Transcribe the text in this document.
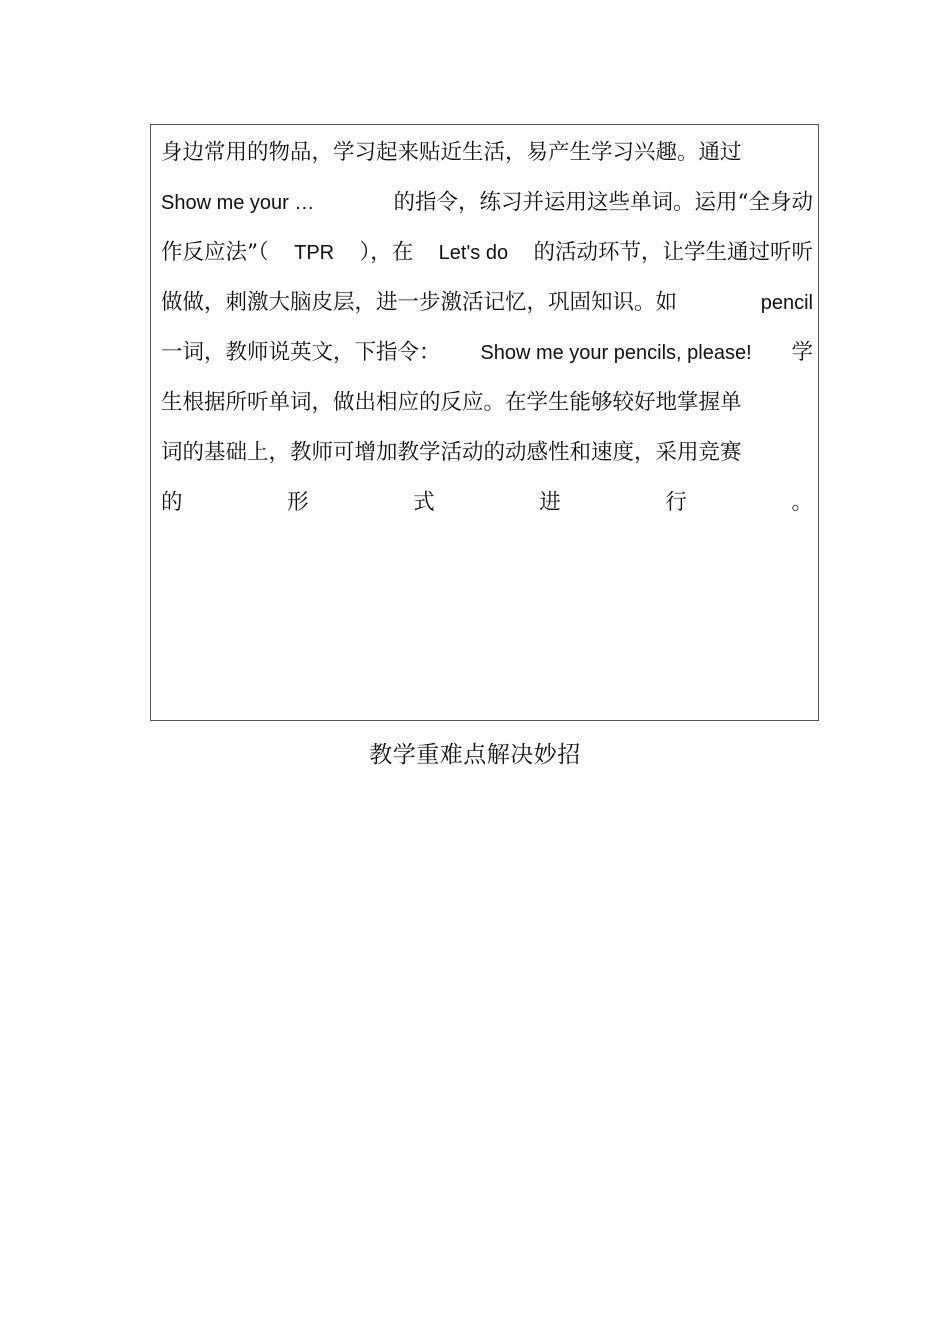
身边常用的物品，学习起来贴近生活，易产生学习兴趣。通过
Show me your …	的指令，练习并运用这些单词。运用“全身动
作反应法”（ TPR ），在 Let's do 的活动环节，让学生通过听听
做做，刺激大脑皮层，进一步激活记忆，巩固知识。如	pencil
一词，教师说英文，下指令： Show me your pencils, please! 学
生根据所听单词，做出相应的反应。在学生能够较好地掌握单
词的基础上，教师可增加教学活动的动感性和速度，采用竞赛
的	形	式	进	行	。
教学重难点解决妙招
